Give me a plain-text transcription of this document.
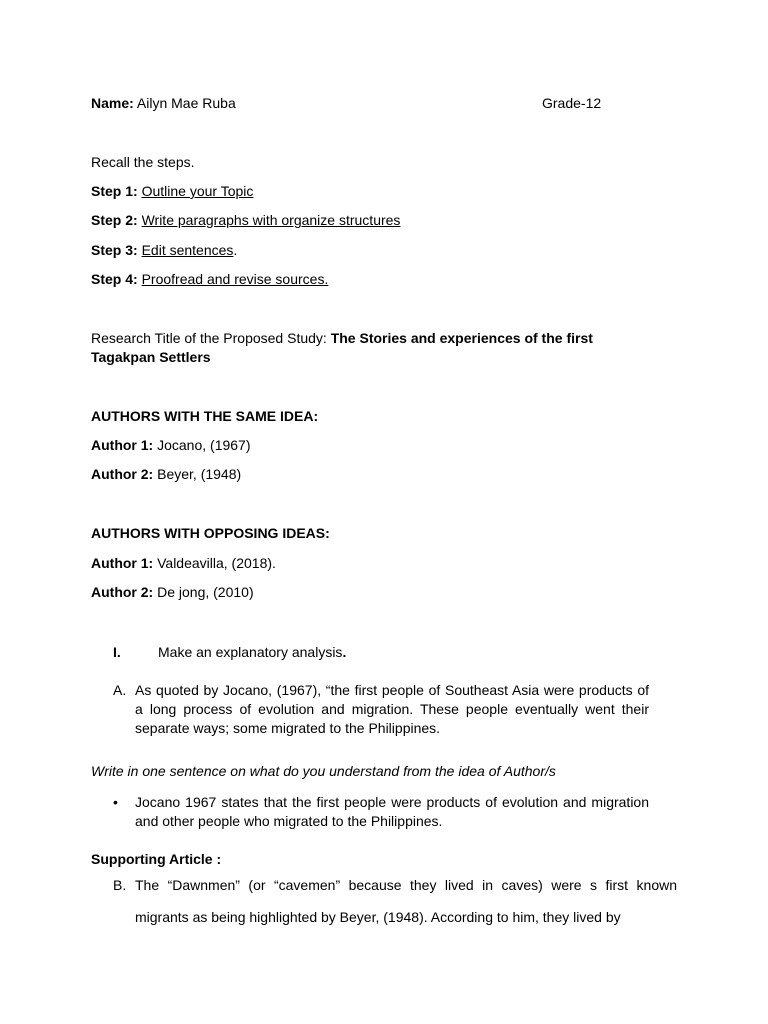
Name: Ailyn Mae Ruba	Grade-12
Recall the steps.
Step 1: Outline your Topic
Step 2: Write paragraphs with organize structures
Step 3: Edit sentences.
Step 4: Proofread and revise sources.
Research Title of the Proposed Study: The Stories and experiences of the first
Tagakpan Settlers
AUTHORS WITH THE SAME IDEA:
Author 1: Jocano, (1967)
Author 2: Beyer, (1948)
AUTHORS WITH OPPOSING IDEAS:
Author 1: Valdeavilla, (2018).
Author 2: De jong, (2010)
I.	Make an explanatory analysis.
A. As quoted by Jocano, (1967), “the first people of Southeast Asia were products of a long process of evolution and migration. These people eventually went their separate ways; some migrated to the Philippines.
Write in one sentence on what do you understand from the idea of Author/s
• Jocano 1967 states that the first people were products of evolution and migration and other people who migrated to the Philippines.
Supporting Article :
B. The “Dawnmen” (or “cavemen” because they lived in caves) were s first known migrants as being highlighted by Beyer, (1948). According to him, they lived by
